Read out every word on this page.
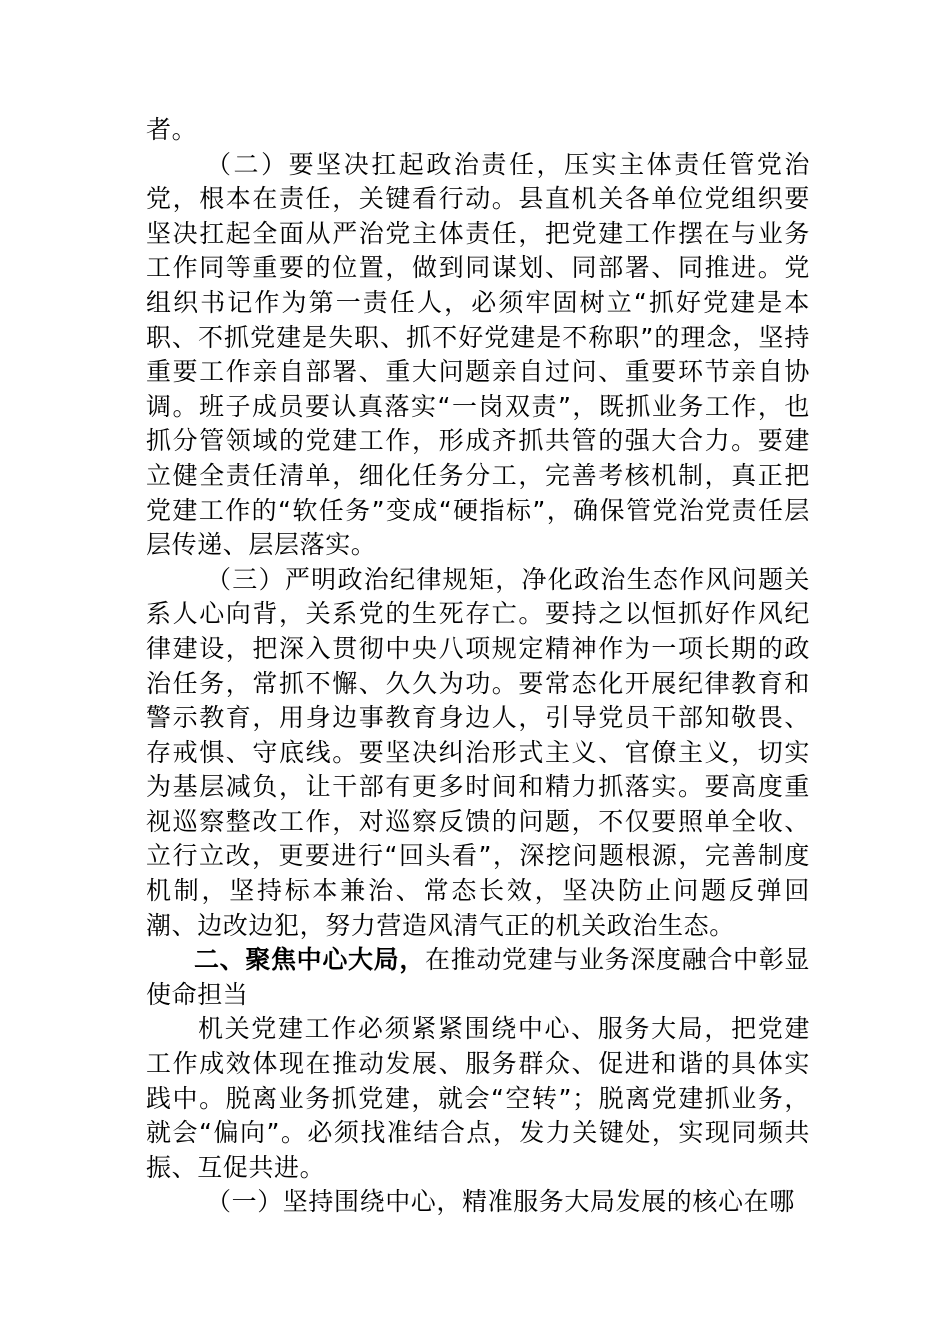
者。

（二）要坚决扛起政治责任，压实主体责任管党治党，根本在责任，关键看行动。县直机关各单位党组织要坚决扛起全面从严治党主体责任，把党建工作摆在与业务工作同等重要的位置，做到同谋划、同部署、同推进。党组织书记作为第一责任人，必须牢固树立“抓好党建是本职、不抓党建是失职、抓不好党建是不称职”的理念，坚持重要工作亲自部署、重大问题亲自过问、重要环节亲自协调。班子成员要认真落实“一岗双责”，既抓业务工作，也抓分管领域的党建工作，形成齐抓共管的强大合力。要建立健全责任清单，细化任务分工，完善考核机制，真正把党建工作的“软任务”变成“硬指标”，确保管党治党责任层层传递、层层落实。

（三）严明政治纪律规矩，净化政治生态作风问题关系人心向背，关系党的生死存亡。要持之以恒抓好作风纪律建设，把深入贯彻中央八项规定精神作为一项长期的政治任务，常抓不懈、久久为功。要常态化开展纪律教育和警示教育，用身边事教育身边人，引导党员干部知敬畏、存戒惧、守底线。要坚决纠治形式主义、官僚主义，切实为基层减负，让干部有更多时间和精力抓落实。要高度重视巡察整改工作，对巡察反馈的问题，不仅要照单全收、立行立改，更要进行“回头看”，深挖问题根源，完善制度机制，坚持标本兼治、常态长效，坚决防止问题反弹回潮、边改边犯，努力营造风清气正的机关政治生态。

二、聚焦中心大局，在推动党建与业务深度融合中彰显使命担当

机关党建工作必须紧紧围绕中心、服务大局，把党建工作成效体现在推动发展、服务群众、促进和谐的具体实践中。脱离业务抓党建，就会“空转”；脱离党建抓业务，就会“偏向”。必须找准结合点，发力关键处，实现同频共振、互促共进。

（一）坚持围绕中心，精准服务大局发展的核心在哪
